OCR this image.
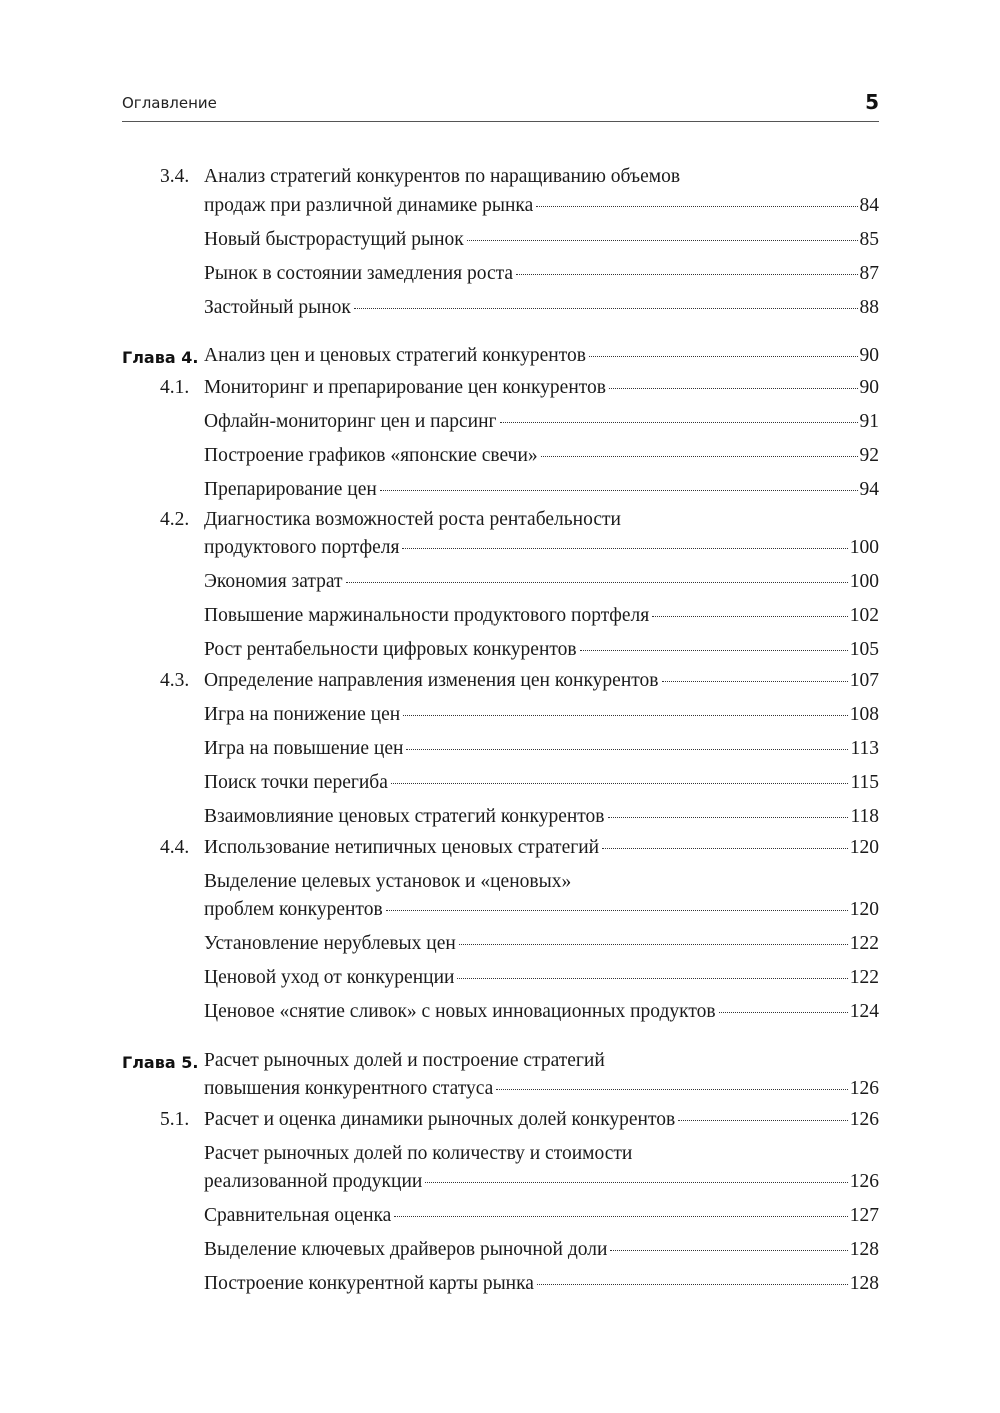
Оглавление	5
3.4. Анализ стратегий конкурентов по наращиванию объемов
продаж при различной динамике рынка	84
Новый быстрорастущий рынок	85
Рынок в состоянии замедления роста	87
Застойный рынок	88
Глава 4. Анализ цен и ценовых стратегий конкурентов	90
4.1. Мониторинг и препарирование цен конкурентов	90
Офлайн-мониторинг цен и парсинг	91
Построение графиков «японские свечи»	92
Препарирование цен	94
4.2. Диагностика возможностей роста рентабельности
продуктового портфеля	100
Экономия затрат	100
Повышение маржинальности продуктового портфеля	102
Рост рентабельности цифровых конкурентов	105
4.3. Определение направления изменения цен конкурентов	107
Игра на понижение цен	108
Игра на повышение цен	113
Поиск точки перегиба	115
Взаимовлияние ценовых стратегий конкурентов	118
4.4. Использование нетипичных ценовых стратегий	120
Выделение целевых установок и «ценовых»
проблем конкурентов	120
Установление нерублевых цен	122
Ценовой уход от конкуренции	122
Ценовое «снятие сливок» с новых инновационных продуктов	124
Глава 5. Расчет рыночных долей и построение стратегий
повышения конкурентного статуса	126
5.1. Расчет и оценка динамики рыночных долей конкурентов	126
Расчет рыночных долей по количеству и стоимости
реализованной продукции	126
Сравнительная оценка	127
Выделение ключевых драйверов рыночной доли	128
Построение конкурентной карты рынка	128
